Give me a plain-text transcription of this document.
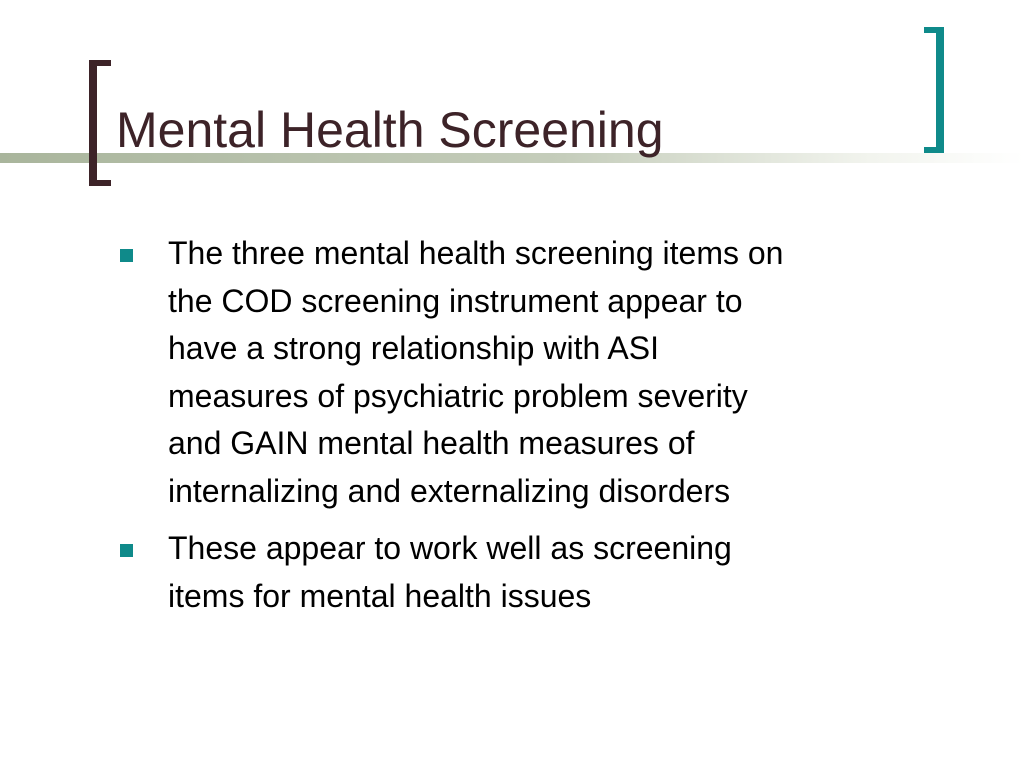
Mental Health Screening
The three mental health screening items on
the COD screening instrument appear to
have a strong relationship with ASI
measures of psychiatric problem severity
and GAIN mental health measures of
internalizing and externalizing disorders
These appear to work well as screening
items for mental health issues
